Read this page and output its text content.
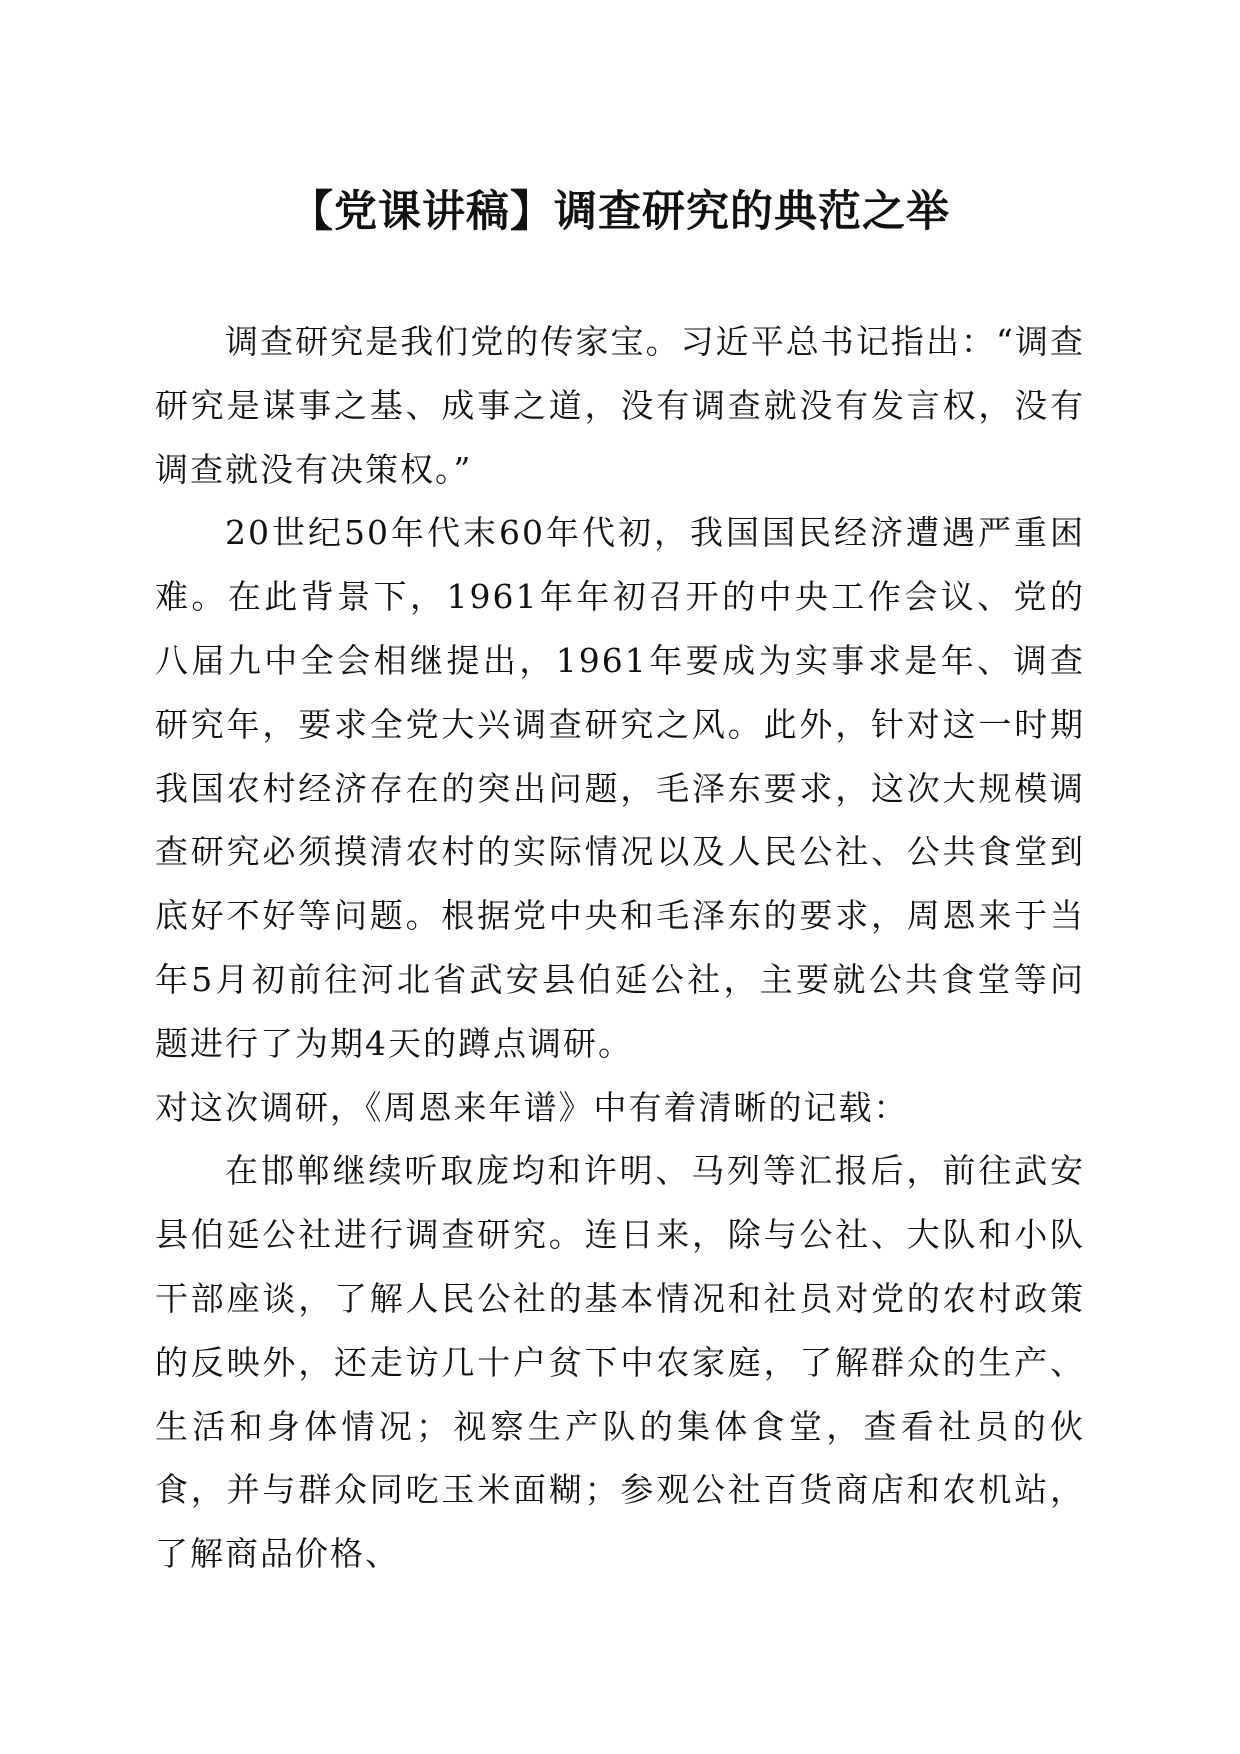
【党课讲稿】调查研究的典范之举

调查研究是我们党的传家宝。习近平总书记指出：“调查研究是谋事之基、成事之道，没有调查就没有发言权，没有调查就没有决策权。”

20世纪50年代末60年代初，我国国民经济遭遇严重困难。在此背景下，1961年年初召开的中央工作会议、党的八届九中全会相继提出，1961年要成为实事求是年、调查研究年，要求全党大兴调查研究之风。此外，针对这一时期我国农村经济存在的突出问题，毛泽东要求，这次大规模调查研究必须摸清农村的实际情况以及人民公社、公共食堂到底好不好等问题。根据党中央和毛泽东的要求，周恩来于当年5月初前往河北省武安县伯延公社，主要就公共食堂等问题进行了为期4天的蹲点调研。

对这次调研，《周恩来年谱》中有着清晰的记载：

在邯郸继续听取庞均和许明、马列等汇报后，前往武安县伯延公社进行调查研究。连日来，除与公社、大队和小队干部座谈，了解人民公社的基本情况和社员对党的农村政策的反映外，还走访几十户贫下中农家庭，了解群众的生产、生活和身体情况；视察生产队的集体食堂，查看社员的伙食，并与群众同吃玉米面糊；参观公社百货商店和农机站，了解商品价格、
